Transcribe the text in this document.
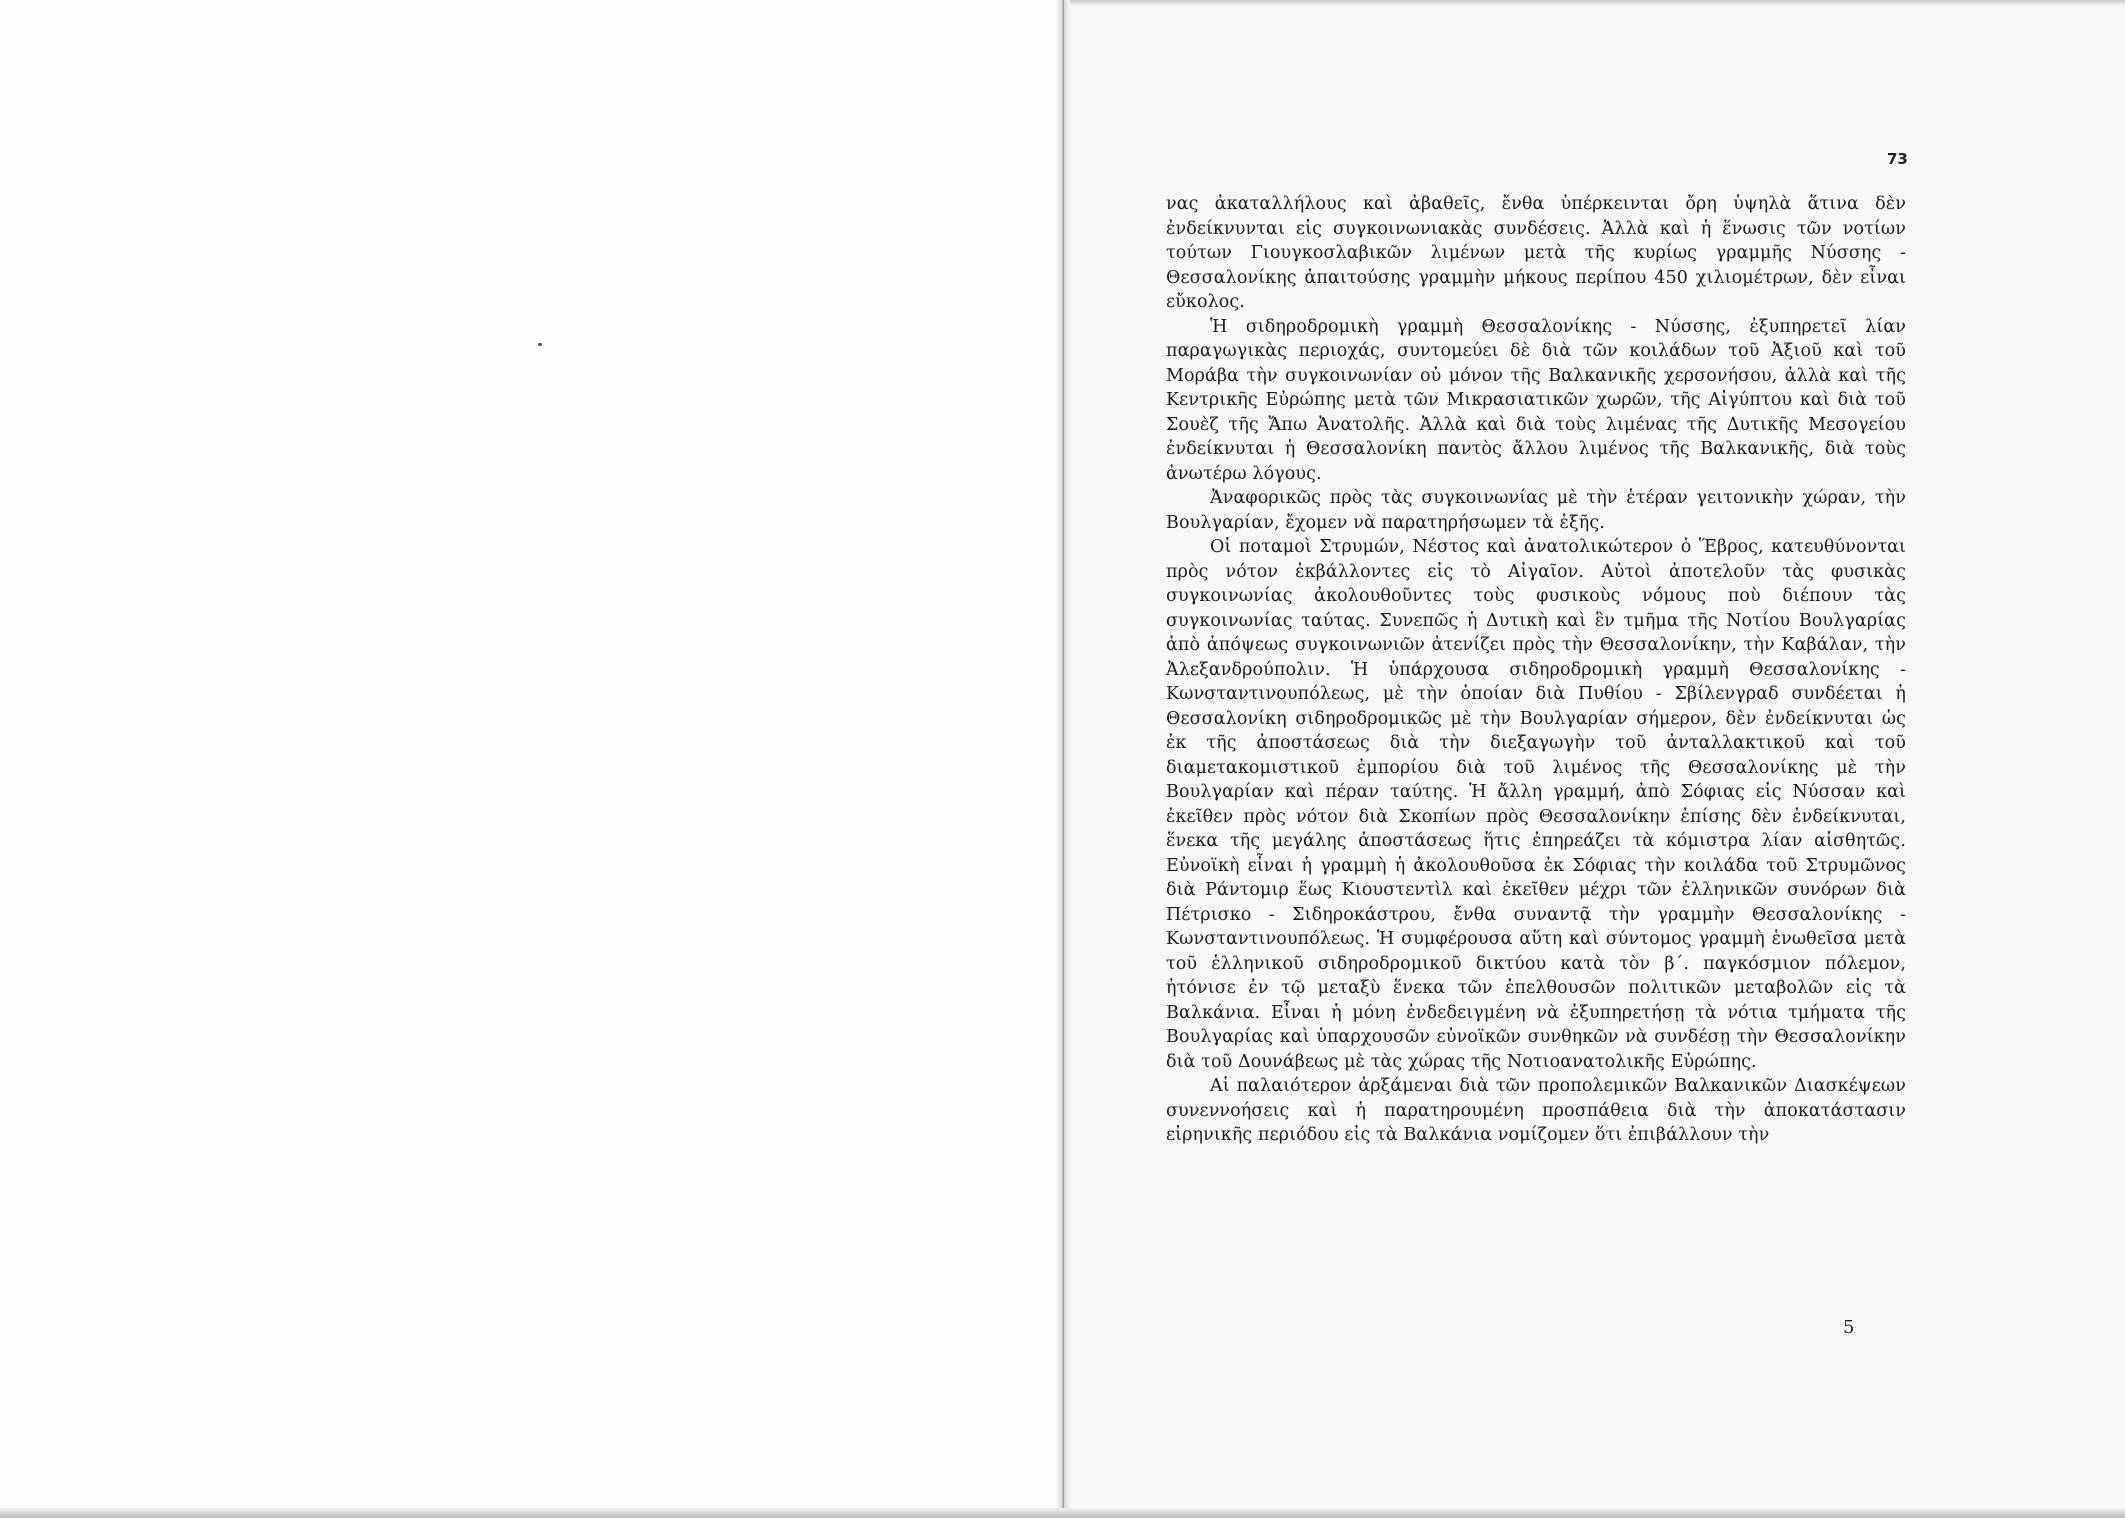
73

νας ἀκαταλλήλους καὶ ἀβαθεῖς, ἔνθα ὑπέρκεινται ὄρη ὑψηλὰ ἅτινα δὲν ἐνδείκνυνται εἰς συγκοινωνιακὰς συνδέσεις. Ἀλλὰ καὶ ἡ ἕνωσις τῶν νοτίων τούτων Γιουγκοσλαβικῶν λιμένων μετὰ τῆς κυρίως γραμμῆς Νύσσης - Θεσσαλονίκης ἀπαιτούσης γραμμὴν μήκους περίπου 450 χιλιομέτρων, δὲν εἶναι εὔκολος.

Ἡ σιδηροδρομικὴ γραμμὴ Θεσσαλονίκης - Νύσσης, ἐξυπηρετεῖ λίαν παραγωγικὰς περιοχάς, συντομεύει δὲ διὰ τῶν κοιλάδων τοῦ Ἀξιοῦ καὶ τοῦ Μοράβα τὴν συγκοινωνίαν οὐ μόνον τῆς Βαλκανικῆς χερσονήσου, ἀλλὰ καὶ τῆς Κεντρικῆς Εὐρώπης μετὰ τῶν Μικρασιατικῶν χωρῶν, τῆς Αἰγύπτου καὶ διὰ τοῦ Σουὲζ τῆς Ἄπω Ἀνατολῆς. Ἀλλὰ καὶ διὰ τοὺς λιμένας τῆς Δυτικῆς Μεσογείου ἐνδείκνυται ἡ Θεσσαλονίκη παντὸς ἄλλου λιμένος τῆς Βαλκανικῆς, διὰ τοὺς ἀνωτέρω λόγους.

Ἀναφορικῶς πρὸς τὰς συγκοινωνίας μὲ τὴν ἑτέραν γειτονικὴν χώραν, τὴν Βουλγαρίαν, ἔχομεν νὰ παρατηρήσωμεν τὰ ἑξῆς.

Οἱ ποταμοὶ Στρυμών, Νέστος καὶ ἀνατολικώτερον ὁ Ἕβρος, κατευθύνονται πρὸς νότον ἐκβάλλοντες εἰς τὸ Αἰγαῖον. Αὐτοὶ ἀποτελοῦν τὰς φυσικὰς συγκοινωνίας ἀκολουθοῦντες τοὺς φυσικοὺς νόμους ποὺ διέπουν τὰς συγκοινωνίας ταύτας. Συνεπῶς ἡ Δυτικὴ καὶ ἓν τμῆμα τῆς Νοτίου Βουλγαρίας ἀπὸ ἀπόψεως συγκοινωνιῶν ἀτενίζει πρὸς τὴν Θεσσαλονίκην, τὴν Καβάλαν, τὴν Ἀλεξανδρούπολιν. Ἡ ὑπάρχουσα σιδηροδρομικὴ γραμμὴ Θεσσαλονίκης - Κωνσταντινουπόλεως, μὲ τὴν ὁποίαν διὰ Πυθίου - Σβίλενγραδ συνδέεται ἡ Θεσσαλονίκη σιδηροδρομικῶς μὲ τὴν Βουλγαρίαν σήμερον, δὲν ἐνδείκνυται ὡς ἐκ τῆς ἀποστάσεως διὰ τὴν διεξαγωγὴν τοῦ ἀνταλλακτικοῦ καὶ τοῦ διαμετακομιστικοῦ ἐμπορίου διὰ τοῦ λιμένος τῆς Θεσσαλονίκης μὲ τὴν Βουλγαρίαν καὶ πέραν ταύτης. Ἡ ἄλλη γραμμή, ἀπὸ Σόφιας εἰς Νύσσαν καὶ ἐκεῖθεν πρὸς νότον διὰ Σκοπίων πρὸς Θεσσαλονίκην ἐπίσης δὲν ἐνδείκνυται, ἕνεκα τῆς μεγάλης ἀποστάσεως ἥτις ἐπηρεάζει τὰ κόμιστρα λίαν αἰσθητῶς. Εὐνοϊκὴ εἶναι ἡ γραμμὴ ἡ ἀκολουθοῦσα ἐκ Σόφιας τὴν κοιλάδα τοῦ Στρυμῶνος διὰ Ράντομιρ ἕως Κιουστεντὶλ καὶ ἐκεῖθεν μέχρι τῶν ἑλληνικῶν συνόρων διὰ Πέτρισκο - Σιδηροκάστρου, ἔνθα συναντᾷ τὴν γραμμὴν Θεσσαλονίκης - Κωνσταντινουπόλεως. Ἡ συμφέρουσα αὕτη καὶ σύντομος γραμμὴ ἑνωθεῖσα μετὰ τοῦ ἑλληνικοῦ σιδηροδρομικοῦ δικτύου κατὰ τὸν β΄. παγκόσμιον πόλεμον, ἠτόνισε ἐν τῷ μεταξὺ ἕνεκα τῶν ἐπελθουσῶν πολιτικῶν μεταβολῶν εἰς τὰ Βαλκάνια. Εἶναι ἡ μόνη ἐνδεδειγμένη νὰ ἐξυπηρετήσῃ τὰ νότια τμήματα τῆς Βουλγαρίας καὶ ὑπαρχουσῶν εὐνοϊκῶν συνθηκῶν νὰ συνδέσῃ τὴν Θεσσαλονίκην διὰ τοῦ Δουνάβεως μὲ τὰς χώρας τῆς Νοτιοανατολικῆς Εὐρώπης.

Αἱ παλαιότερον ἀρξάμεναι διὰ τῶν προπολεμικῶν Βαλκανικῶν Διασκέψεων συνεννοήσεις καὶ ἡ παρατηρουμένη προσπάθεια διὰ τὴν ἀποκατάστασιν εἰρηνικῆς περιόδου εἰς τὰ Βαλκάνια νομίζομεν ὅτι ἐπιβάλλουν τὴν

5
